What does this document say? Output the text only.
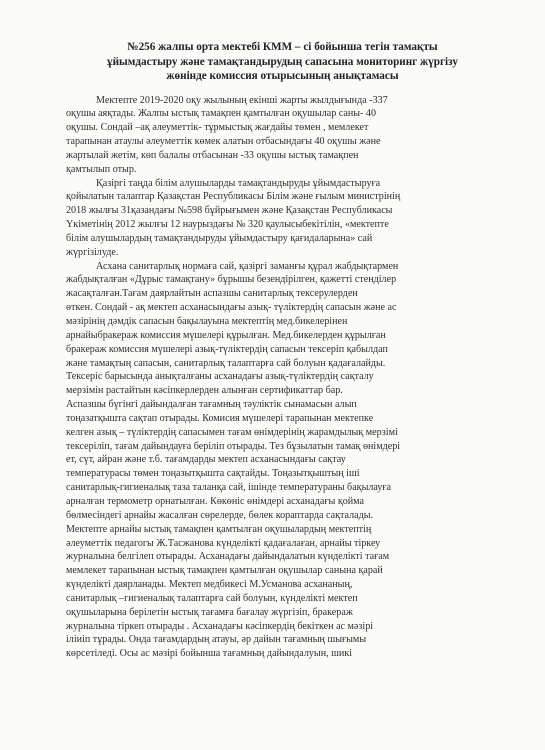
№256 жалпы орта мектебі КММ – сі бойынша тегін тамақты
ұйымдастыру және тамақтандырудың сапасына мониторинг жүргізу
жөнінде комиссия отырысының анықтамасы

Мектепте 2019-2020 оқу жылының екінші жарты жылдығында -337
оқушы аяқтады. Жалпы ыстық тамақпен қамтылған оқушылар саны- 40
оқушы. Сондай –ақ әлеуметтік- тұрмыстық жағдайы төмен , мемлекет
тарапынан атаулы әлеуметтік көмек алатын отбасындағы 40 оқушы және
жартылай жетім, көп балалы отбасынан -33 оқушы ыстық тамақпен
қамтылып отыр.

Қазіргі таңда білім алушыларды тамақтандыруды ұйымдастыруға
қойылатын талаптар Қазақстан Республикасы Білім және ғылым министрінің
2018 жылғы 31қазандағы №598 бұйрығымен және Қазақстан Республикасы
Үкіметінің 2012 жылғы 12 наурыздағы № 320 қаулысыбекітілін, «мектепте
білім алушылардың тамақтандыруды ұйымдастыру қағидаларына» сай
жүргізілуде.

Асхана санитарлық нормаға сай, қазіргі заманғы құрал жабдықтармен
жабдықталған «Дұрыс тамақтану» бұрышы безендірілген, қажетті стенділер
жасақталған.Тағам даярлайтын аспазшы санитарлық тексерулерден
өткен. Сондай - ақ мектеп асханасындағы азық- түліктердің сапасын және ас
мәзірінің дәмдік сапасын бақылауына мектептің мед.бикелерінен
арнайыбракераж комиссия мүшелері құрылған. Мед.бикелерден құрылған
бракераж комиссия мүшелері азық-түліктердің сапасын тексеріп қабылдап
және тамақтың сапасын, санитарлық талаптарға сай болуын қадағалайды.
Тексеріс барысында анықталғаны асханадағы азық-түліктердің сақталу
мерзімін растайтын кәсіпкерлерден алынған сертификаттар бар.

Аспазшы бүгінгі дайындалған тағамның тәуліктік сынамасын алып
тоңазатқышта сақтап отырады. Комисия мүшелері тарапынан мектепке
келген азық – түліктердің сапасымен тағам өнімдерінің жарамдылық мерзімі
тексеріліп, тағам дайындауға беріліп отырады. Тез бұзылатын тамақ өнімдері
ет, сүт, айран және т.б. тағамдарды мектеп асханасындағы сақтау
температурасы төмен тоңазытқышта сақтайды. Тоңазытқыштың іші
санитарлық-гигиеналық таза таланқа сай, ішінде температураны бақылауға
арналған термометр орнатылған. Көкөніс өнімдері асханадағы қойма
бөлмесіндегі арнайы жасалған сөрелерде, бөлек кораптарда сақталады.
Мектепте арнайы ыстық тамақпен қамтылған оқушылардың мектептің
әлеуметтік педагогы Ж.Тасжанова күнделікті қадағалаған, арнайы тіркеу
журналына белгілеп отырады. Асханадағы дайындалатын күнделікті тағам
мемлекет тарапынан ыстық тамақпен қамтылған оқушылар санына қарай
күнделікті даярланады. Мектеп медбикесі М.Усманова асхананың,
санитарлық –гигиеналық талаптарға сай болуын, күнделікті мектеп
оқушыларына берілетін ыстық тағамға бағалау жүргізіп, бракераж
журналына тіркеп отырады . Асханадағы кәсіпкердің бекіткен ас мәзірі
іліиіп тұрады. Онда тағамдардың атауы, әр дайын тағамның шығымы
көрсетіледі. Осы ас мәзірі бойынша тағамның дайындалуын, шикі
